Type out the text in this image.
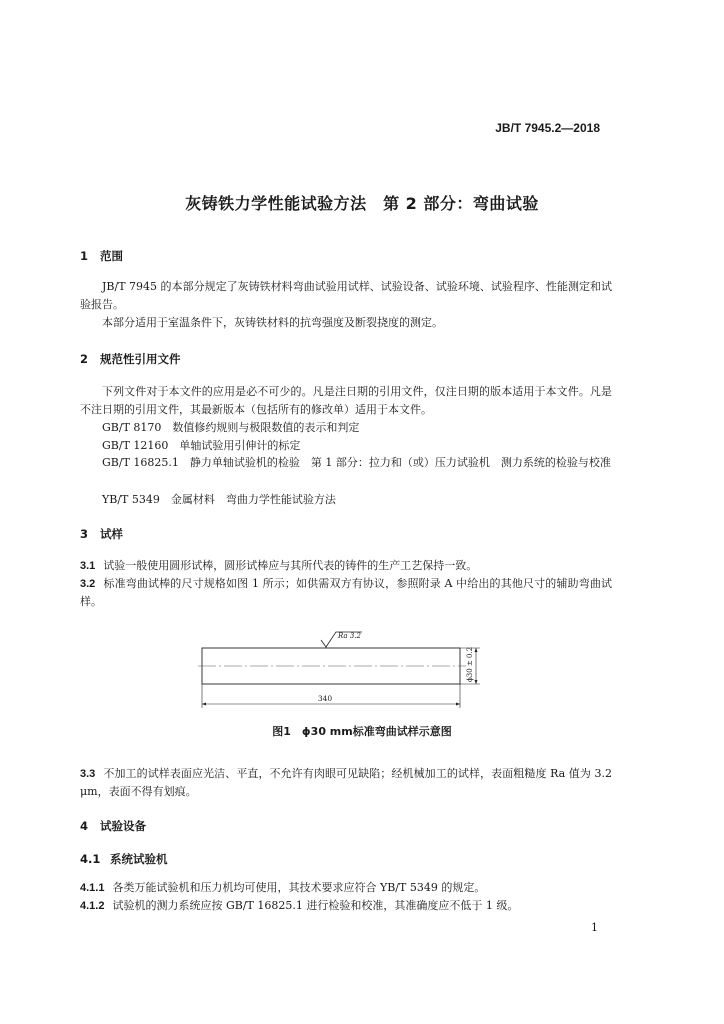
JB/T 7945.2—2018
灰铸铁力学性能试验方法　第 2 部分：弯曲试验
1 范围
JB/T 7945 的本部分规定了灰铸铁材料弯曲试验用试样、试验设备、试验环境、试验程序、性能测定和试验报告。
本部分适用于室温条件下，灰铸铁材料的抗弯强度及断裂挠度的测定。
2 规范性引用文件
下列文件对于本文件的应用是必不可少的。凡是注日期的引用文件，仅注日期的版本适用于本文件。凡是不注日期的引用文件，其最新版本（包括所有的修改单）适用于本文件。
GB/T 8170　数值修约规则与极限数值的表示和判定
GB/T 12160　单轴试验用引伸计的标定
GB/T 16825.1　静力单轴试验机的检验　第 1 部分：拉力和（或）压力试验机　测力系统的检验与校准
YB/T 5349　金属材料　弯曲力学性能试验方法
3 试样
3.1 试验一般使用圆形试棒，圆形试棒应与其所代表的铸件的生产工艺保持一致。
3.2 标准弯曲试棒的尺寸规格如图 1 所示；如供需双方有协议，参照附录 A 中给出的其他尺寸的辅助弯曲试样。
Ra 3.2
ϕ30 ± 0.2
340
图1　ϕ30 mm标准弯曲试样示意图
3.3 不加工的试样表面应光洁、平直，不允许有肉眼可见缺陷；经机械加工的试样，表面粗糙度 Ra 值为 3.2 μm，表面不得有划痕。
4 试验设备
4.1 系统试验机
4.1.1 各类万能试验机和压力机均可使用，其技术要求应符合 YB/T 5349 的规定。
4.1.2 试验机的测力系统应按 GB/T 16825.1 进行检验和校准，其准确度应不低于 1 级。
1
